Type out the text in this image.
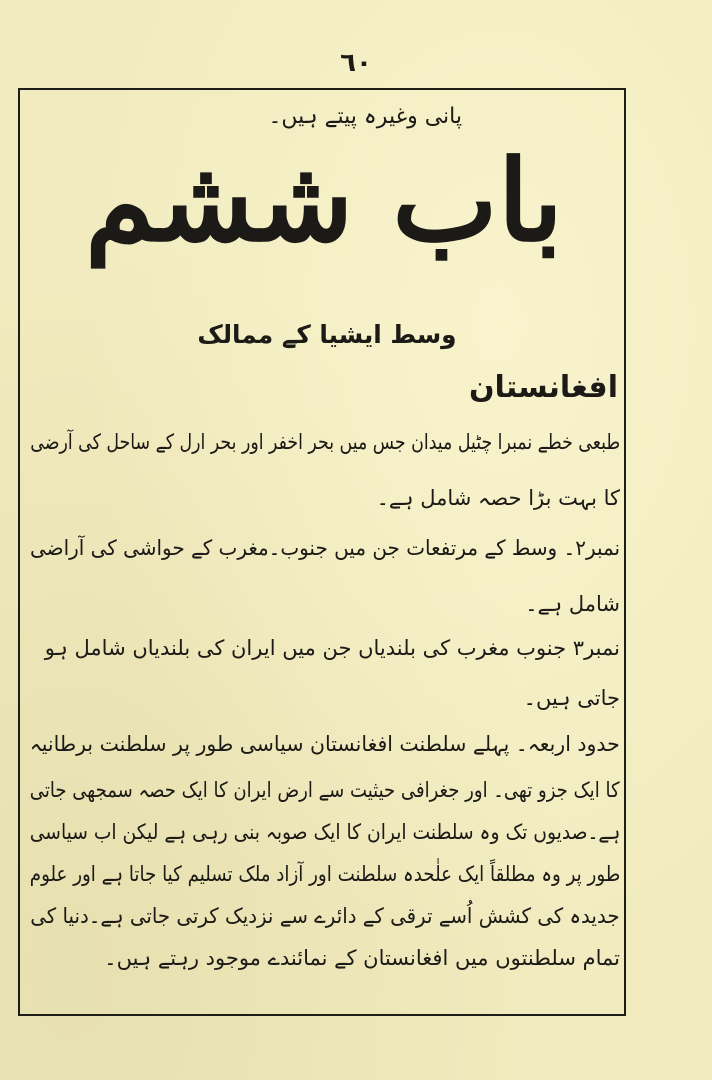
٦٠
پانی وغیرہ پیتے ہیں۔
باب ششم
وسط ایشیا کے ممالک
افغانستان
طبعی خطے نمبرا چٹیل میدان جس میں بحر اخفر اور بحر ارل کے ساحل کی آرضی
کا بہت بڑا حصہ شامل ہے۔
نمبر۲۔ وسط کے مرتفعات جن میں جنوب۔مغرب کے حواشی کی آراضی
شامل ہے۔
نمبر۳ جنوب مغرب کی بلندیاں جن میں ایران کی بلندیاں شامل ہو
جاتی ہیں۔
حدود اربعہ۔ پہلے سلطنت افغانستان سیاسی طور پر سلطنت برطانیہ
کا ایک جزو تھی۔ اور جغرافی حیثیت سے ارض ایران کا ایک حصہ سمجھی جاتی
ہے۔صدیوں تک وہ سلطنت ایران کا ایک صوبہ بنی رہی ہے لیکن اب سیاسی
طور پر وہ مطلقاً ایک علٰحدہ سلطنت اور آزاد ملک تسلیم کیا جاتا ہے اور علوم
جدیدہ کی کشش اُسے ترقی کے دائرے سے نزدیک کرتی جاتی ہے۔دنیا کی
تمام سلطنتوں میں افغانستان کے نمائندے موجود رہتے ہیں۔
